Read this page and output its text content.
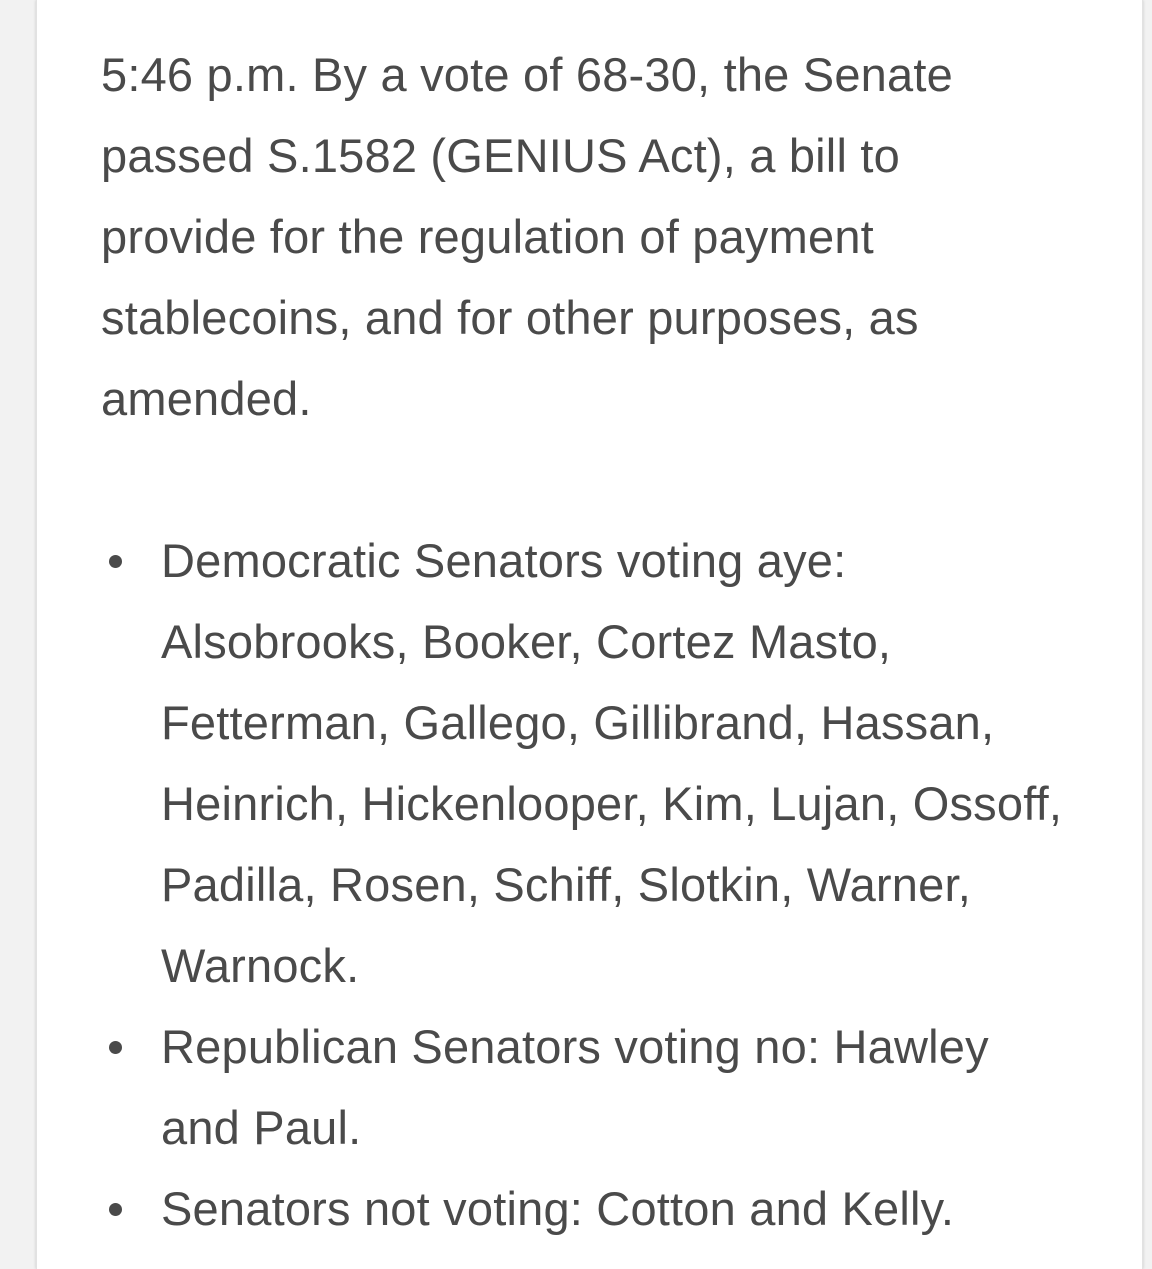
5:46 p.m. By a vote of 68-30, the Senate passed S.1582 (GENIUS Act), a bill to provide for the regulation of payment stablecoins, and for other purposes, as amended.

Democratic Senators voting aye: Alsobrooks, Booker, Cortez Masto, Fetterman, Gallego, Gillibrand, Hassan, Heinrich, Hickenlooper, Kim, Lujan, Ossoff, Padilla, Rosen, Schiff, Slotkin, Warner, Warnock.
Republican Senators voting no: Hawley and Paul.
Senators not voting: Cotton and Kelly.
